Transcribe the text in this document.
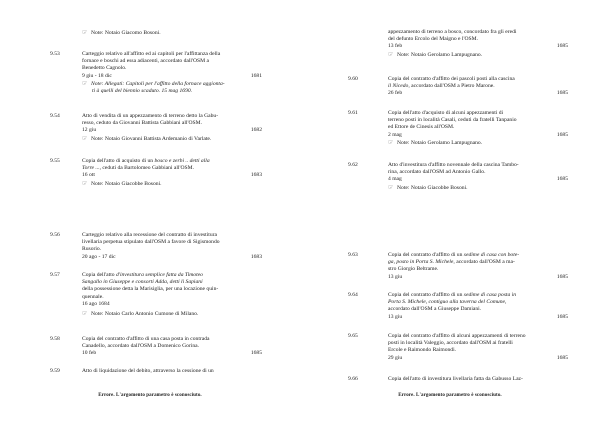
☞ Note: Notaio Giacomo Bosoni.
9.53	Carteggio relativo all'affitto ed ai capitoli per l'affittanza della
fornace e boschi ad essa adiacenti, accordato dall'OSM a
Benedetto Cagnolo.
9 giu - 18 dic	1681
☞ Note: Allegati: Capitoli per l'affitto della fornace aggionta-
ti à quelli del biennio scaduto. 15 mag 1690.
9.54	Atto di vendita di un appezzamento di terreno detto la Gabu-
resso, ceduto da Giovanni Battista Gabbiani all'OSM.
12 giu	1682
☞ Note: Notaio Giovanni Battista Ardemanio di Varlate.
9.55	Copia dell'atto di acquisto di un bosco e zerbi .. detti alla
Torre ..., ceduti da Bartolomeo Gabbiani all'OSM.
16 ott	1683
☞ Note: Notaio Giacobbe Bosoni.
9.56	Carteggio relativo alla recessione del contratto di investitura
livellaria perpetua stipulato dall'OSM a favore di Sigismondo
Rusorio.
20 ago - 17 dic	1683
9.57	Copia dell'atto d'investitura semplice fatta da Timoteo
Sangallo in Giuseppe e consorti Adda, detti li Sapiani
della possessione detta la Marisiglia, per una locazione quin-
quennale.
16 ago 1684
☞ Note: Notaio Carlo Antonio Cumone di Milano.
9.58	Copia del contratto d'affitto di una casa posta in contrada
Canadello, accordato dall'OSM a Domenico Gorina.
10 feb	1685
9.59	Atto di liquidazione del debito, attraverso la cessione di un
Errore. L'argomento parametro è sconosciuto.
appezzamento di terreno a bosco, concordato fra gli eredi
del defunto Ercolo del Maigno e l'OSM.
13 feb	1685
☞ Note: Notaio Gerolamo Lampugnano.
9.60	Copia del contratto d'affitto dei pascoli posti alla cascina
il Nicedo, accordato dall'OSM a Pietro Marone.
26 feb	1685
9.61	Copia dell'atto d'acquisto di alcuni appezzamenti di
terreno posti in località Casali, ceduti da fratelli Tanpanio
ed Ettore de Cinesis all'OSM.
2 mag	1685
☞ Note: Notaio Gerolamo Lampugnano.
9.62	Atto d'investitura d'affitto novennale della cascina Tambo-
rina, accordato dall'OSM ad Antonio Gallo.
4 mag	1685
☞ Note: Notaio Giacobbe Bosoni.
9.63	Copia del contratto d'affitto di un sedime di casa con bote-
ga, posto in Porta S. Michele, accordato dall'OSM a ma-
stro Giorgio Beltrame.
13 giu	1685
9.64	Copia del contratto d'affitto di un sedime di casa posta in
Porta S. Michele, contiguo alla taverna del Comune,
accordato dall'OSM a Giuseppe Damiani.
13 giu	1685
9.65	Copia del contratto d'affitto di alcuni appezzamenti di terreno
posti in località Valeggio, accordato dall'OSM ai fratelli
Ercole e Raimondo Raimondi.
29 giu	1685
9.66	Copia dell'atto di investitura livellaria fatta da Gabusso Laz-
Errore. L'argomento parametro è sconosciuto.
